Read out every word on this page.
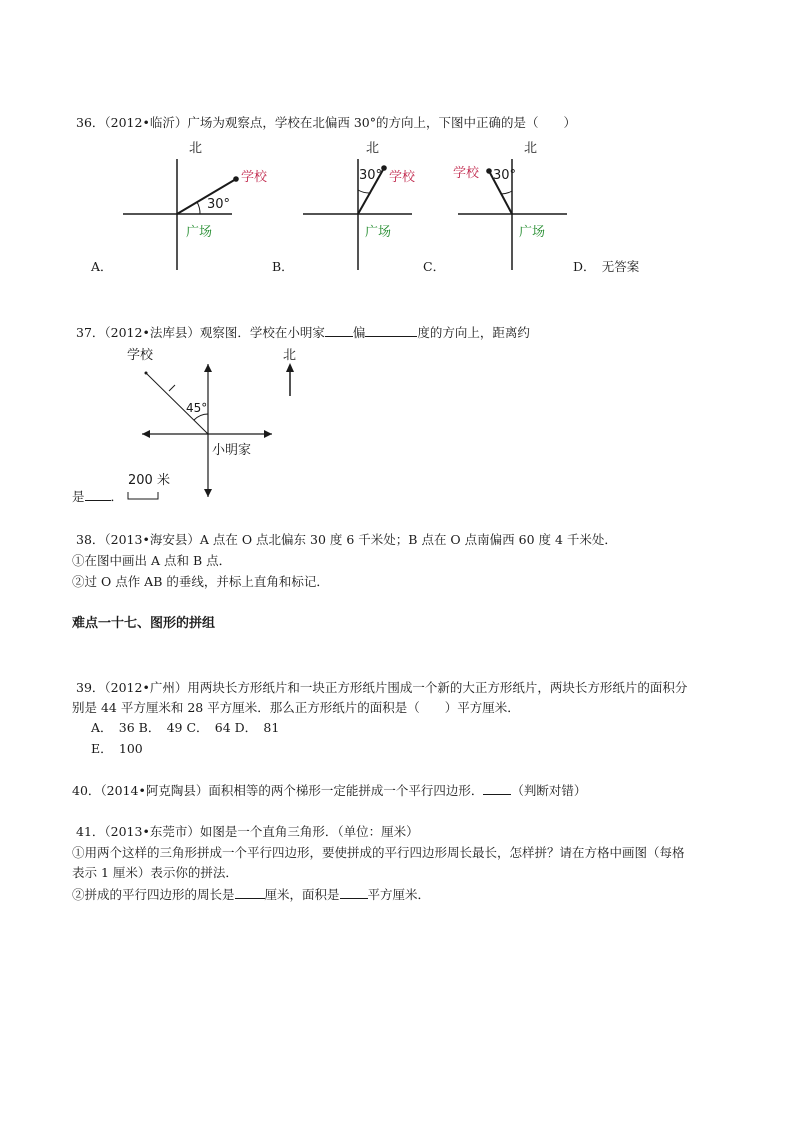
36．（2012•临沂）广场为观察点，学校在北偏西 30°的方向上，下图中正确的是（　　）
北
学校
30°
广场
北
30° 学校
广场
北
学校 30°
广场
学校	北
45°
小明家
200 米
A．	B．	C．	D．　无答案
37．（2012•法库县）观察图．学校在小明家 偏	度的方向上，距离约
是 ．
38．（2013•海安县）A 点在 O 点北偏东 30 度 6 千米处；B 点在 O 点南偏西 60 度 4 千米处．
①在图中画出 A 点和 B 点．
②过 O 点作 AB 的垂线，并标上直角和标记．
难点一十七、图形的拼组
39．（2012•广州）用两块长方形纸片和一块正方形纸片围成一个新的大正方形纸片，两块长方形纸片的面积分
别是 44 平方厘米和 28 平方厘米．那么正方形纸片的面积是（　　）平方厘米．
A．　36 B．　49 C．　64 D．　81
E．　100
40．（2014•阿克陶县）面积相等的两个梯形一定能拼成一个平行四边形． （判断对错）
41．（2013•东莞市）如图是一个直角三角形．（单位：厘米）
①用两个这样的三角形拼成一个平行四边形，要使拼成的平行四边形周长最长，怎样拼？请在方格中画图（每格
表示 1 厘米）表示你的拼法．
②拼成的平行四边形的周长是 厘米，面积是 平方厘米．
